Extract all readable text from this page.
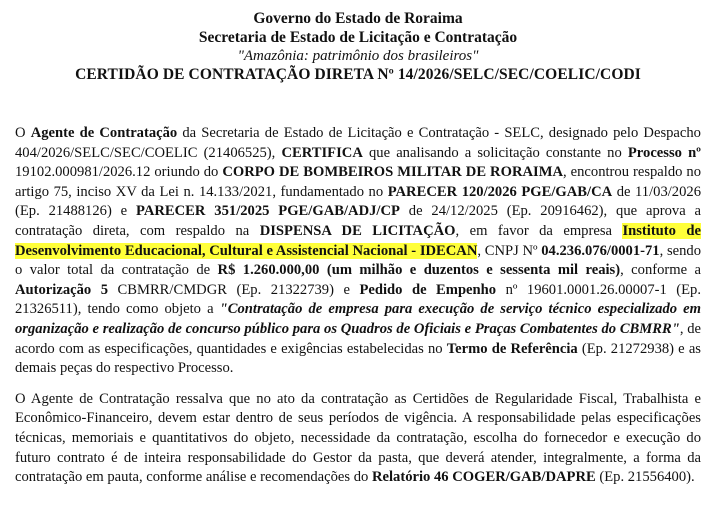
Governo do Estado de Roraima
Secretaria de Estado de Licitação e Contratação
"Amazônia: patrimônio dos brasileiros"
CERTIDÃO DE CONTRATAÇÃO DIRETA Nº 14/2026/SELC/SEC/COELIC/CODI

O Agente de Contratação da Secretaria de Estado de Licitação e Contratação - SELC, designado pelo Despacho 404/2026/SELC/SEC/COELIC (21406525), CERTIFICA que analisando a solicitação constante no Processo nº 19102.000981/2026.12 oriundo do CORPO DE BOMBEIROS MILITAR DE RORAIMA, encontrou respaldo no artigo 75, inciso XV da Lei n. 14.133/2021, fundamentado no PARECER 120/2026 PGE/GAB/CA de 11/03/2026 (Ep. 21488126) e PARECER 351/2025 PGE/GAB/ADJ/CP de 24/12/2025 (Ep. 20916462), que aprova a contratação direta, com respaldo na DISPENSA DE LICITAÇÃO, em favor da empresa Instituto de Desenvolvimento Educacional, Cultural e Assistencial Nacional - IDECAN, CNPJ Nº 04.236.076/0001-71, sendo o valor total da contratação de R$ 1.260.000,00 (um milhão e duzentos e sessenta mil reais), conforme a Autorização 5 CBMRR/CMDGR (Ep. 21322739) e Pedido de Empenho nº 19601.0001.26.00007-1 (Ep. 21326511), tendo como objeto a "Contratação de empresa para execução de serviço técnico especializado em organização e realização de concurso público para os Quadros de Oficiais e Praças Combatentes do CBMRR", de acordo com as especificações, quantidades e exigências estabelecidas no Termo de Referência (Ep. 21272938) e as demais peças do respectivo Processo.

O Agente de Contratação ressalva que no ato da contratação as Certidões de Regularidade Fiscal, Trabalhista e Econômico-Financeiro, devem estar dentro de seus períodos de vigência. A responsabilidade pelas especificações técnicas, memoriais e quantitativos do objeto, necessidade da contratação, escolha do fornecedor e execução do futuro contrato é de inteira responsabilidade do Gestor da pasta, que deverá atender, integralmente, a forma da contratação em pauta, conforme análise e recomendações do Relatório 46 COGER/GAB/DAPRE (Ep. 21556400).
